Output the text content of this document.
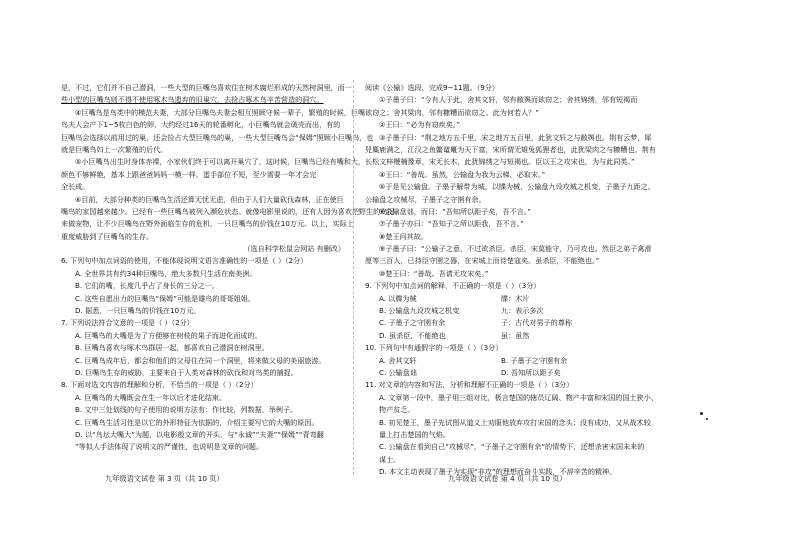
是，不过，它们并不自己潜洞，一些大型的巨嘴鸟喜欢住在树木腐烂形成的天然树洞里，而一
些小型的巨嘴鸟则不得不使用啄木鸟遗弃的旧巢穴，去捡占啄木鸟辛苦营造的洞穴。
④巨嘴鸟是鸟类中的模范夫妻，大部分巨嘴鸟夫妻会相互照顾守候一辈子，繁殖的时候，巨嘴
鸟夫人会产下1~5枚白色的卵，大约经过16天的轮番孵化，小巨嘴鸟就会破壳而出，有的
巨嘴鸟会选择以前用过的巢，还会捡占大型巨嘴鸟的巢，一些大型巨嘴鸟会“保姆”照顾小巨嘴鸟，也
就是巨嘴鸟妇上一次繁殖的后代。
⑤小巨嘴鸟出生时身体赤裸，小家伙们终于可以离开巢穴了，这时候，巨嘴鸟已经有嘴和大，
颜色不够鲜艳，基本上跟爸爸妈妈一模一样。蛋手部位不短，至少需要一年才会完
全长成。
⑥目前，大部分种类的巨嘴鸟生活还算无忧无虑，但由于人们大量砍伐森林，正在使巨
嘴鸟的家园越来越少。已经有一些巨嘴鸟被列入濒危状态。就像电影里说的，还有人因为喜欢把野生的鸟捉
来做宠物，让不少巨嘴鸟在野外面临生存的危机，一只巨嘴鸟的价钱在10万元。以上，实际上
重度威胁到了巨嘴鸟的生存。
（选自科学松鼠会网站 有删改）
6. 下列句中加点词语的使用，不能体现说明文语言准确性的一项是（ ）（2分）
A. 全世界共有约34种巨嘴鸟，绝大多数只生活在南美洲。
B. 它们的嘴，长度几乎占了身长的三分之一。
C. 这些自愿出力的巨嘴鸟“保姆”可能是雄鸟的哥哥姐姐。
D. 据悉，一只巨嘴鸟的价钱在10万元。
7. 下列说法符合文意的一项是（ ）（2分）
A. 巨嘴鸟的大嘴是为了方便够在树枝的果子而进化而成的。
B. 巨嘴鸟喜欢与啄木鸟群居一起，都喜欢自己潜洞在树洞里。
C. 巨嘴鸟成年后，都会和他们的父母住在同一个洞里，将来做父母的美丽旅游。
D. 巨嘴鸟生存的威胁，主要来自于人类对森林的砍伐和对鸟类的捕捉。
8. 下面对选文内容的理解和分析，不恰当的一项是（ ）（2分）
A. 巨嘴鸟的大嘴既会在生一年以后才进化结束。
B. 文中三处划线的句子使用的说明方法有：作比较，列数据，举例子。
C. 巨嘴鸟生活习性是以它的外形特征为依据的，介绍主要写它的大嘴的原因。
D. 以“鸟坛大嘴大”为题，以电影般文章的开头，与“永诚”“夫妻”“保姆”“背弯翻
”等拟人手法体现了说明文的严谨性，也说明是文章的问题。
阅读《公输》选段，完成9~11题。（9分）
①子墨子曰：“今有人于此，舍其文轩，邻有敝舆而欲窃之；舍其锦绣，邻有短褐而
欲窃之；舍其梁肉，邻有糠糟而欲窃之。此为何若人？”
②王曰：“必为有窃疾矣。”
③子墨子曰：“荆之地方五千里，宋之地方五百里，此犹文轩之与敝舆也。荆有云梦，犀
兕麋鹿满之，江汉之鱼鳖鼋鼍为天下富，宋所谓无雉兔狐狸者也，此犹梁肉之与糠糟也。荆有
长松文梓楩楠豫章，宋无长木，此犹锦绣之与短褐也。臣以王之攻宋也，为与此同类。”
④王曰：“善哉。虽然，公输盘为我为云梯，必取宋。”
⑤于是见公输盘。子墨子解带为城，以牒为械，公输盘九设攻城之机变，子墨子九距之。
公输盘之攻械尽，子墨子之守圉有余。
⑥公输盘诎，而曰：“吾知所以距子矣，吾不言。”
⑦子墨子亦曰：“吾知子之所以距我，吾不言。”
⑧楚王问其故。
⑨子墨子曰：“公输子之意，不过欲杀臣。杀臣，宋莫能守，乃可攻也。然臣之弟子禽滑
厘等三百人，已持臣守圉之器，在宋城上而待楚寇矣。虽杀臣，不能绝也。”
⑩楚王曰：“善哉。吾请无攻宋矣。”
9. 下列句中加点词的解释，不正确的一项是（ ）（3分）
A. 以牒为械	牒：木片
B. 公输盘九设攻城之机变	九：表示多次
C. 子墨子之守圉有余	子：古代对男子的尊称
D. 虽杀臣，不能绝也	虽：虽然
10. 下列句中有通假字的一项是（ ）（3分）
A. 舍其文轩	B. 子墨子之守圉有余
C. 公输盘诎	D. 吾知所以距子矣
11. 对文章的内容和写法，分析和理解不正确的一项是（ ）（3分）
A. 文章第一段中，墨子用三组对比，极言楚国的辖员辽阔、物产丰富和宋国的国土狭小、
物产贫乏。
B. 初见楚王，墨子先试图从道义上劝服他放弃攻打宋国的念头；没有成功，又从战术较
量上打击楚国的气焰。
C. 公输盘在看到自己“攻械尽”，“子墨子之守圉有余”的情势下，还想杀害宋国未来的
谋士。
D. 本文主动表现了墨子为实现“非攻”的理想而奋斗实践，不辞辛苦的精神。
九年级语文试卷 第 3 页（共 10 页）	九年级语文试卷 第 4 页（共 10 页）
